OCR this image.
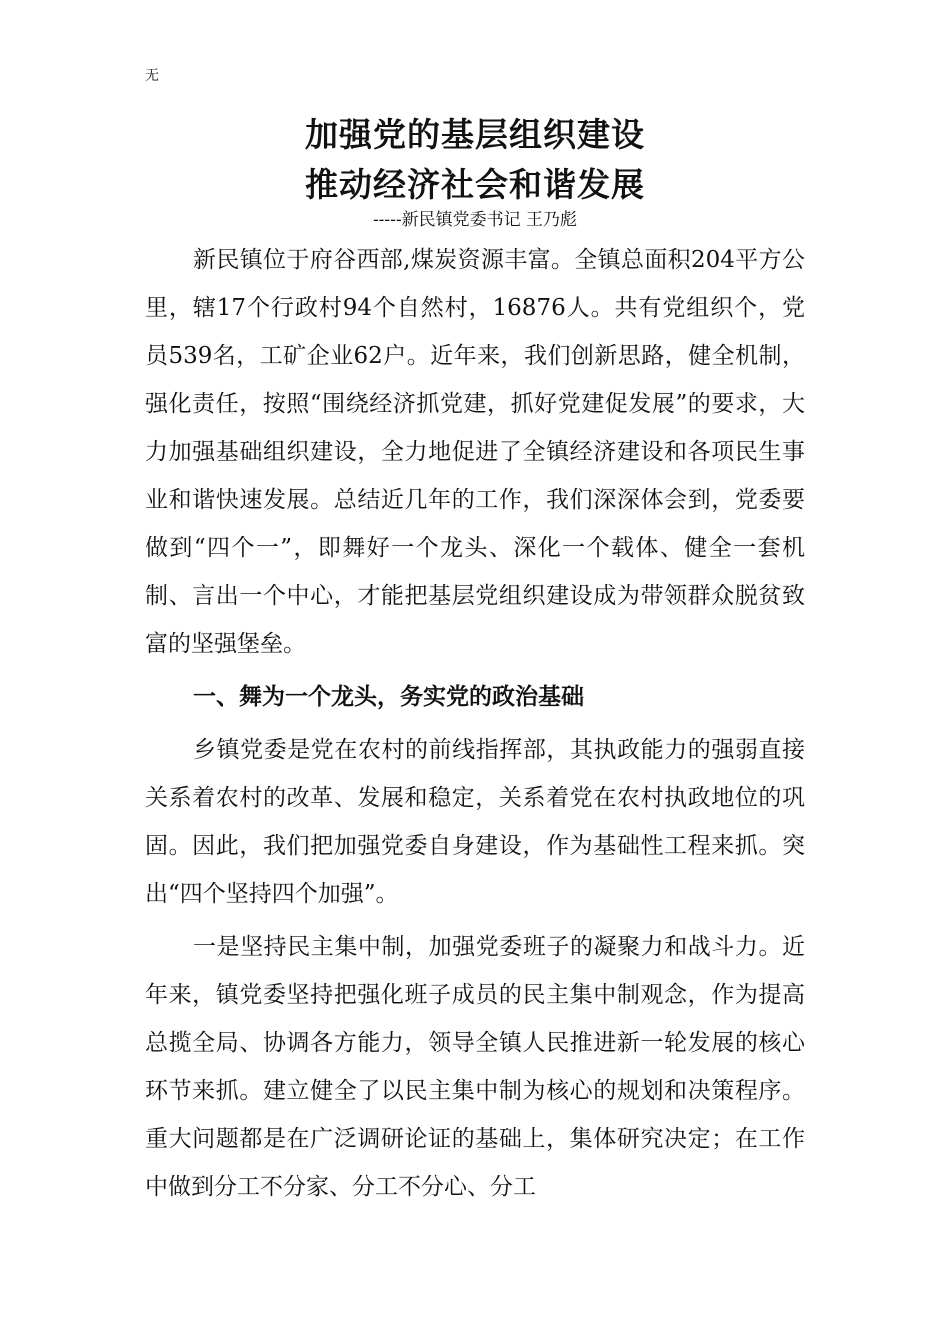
无
加强党的基层组织建设
推动经济社会和谐发展
-----新民镇党委书记 王乃彪

新民镇位于府谷西部,煤炭资源丰富。全镇总面积204平方公里，辖17个行政村94个自然村，16876人。共有党组织个，党员539名，工矿企业62户。近年来，我们创新思路，健全机制，强化责任，按照“围绕经济抓党建，抓好党建促发展”的要求，大力加强基础组织建设，全力地促进了全镇经济建设和各项民生事业和谐快速发展。总结近几年的工作，我们深深体会到，党委要做到“四个一”，即舞好一个龙头、深化一个载体、健全一套机制、言出一个中心，才能把基层党组织建设成为带领群众脱贫致富的坚强堡垒。

一、舞为一个龙头，务实党的政治基础

乡镇党委是党在农村的前线指挥部，其执政能力的强弱直接关系着农村的改革、发展和稳定，关系着党在农村执政地位的巩固。因此，我们把加强党委自身建设，作为基础性工程来抓。突出“四个坚持四个加强”。

一是坚持民主集中制，加强党委班子的凝聚力和战斗力。近年来，镇党委坚持把强化班子成员的民主集中制观念，作为提高总揽全局、协调各方能力，领导全镇人民推进新一轮发展的核心环节来抓。建立健全了以民主集中制为核心的规划和决策程序。重大问题都是在广泛调研论证的基础上，集体研究决定；在工作中做到分工不分家、分工不分心、分工
